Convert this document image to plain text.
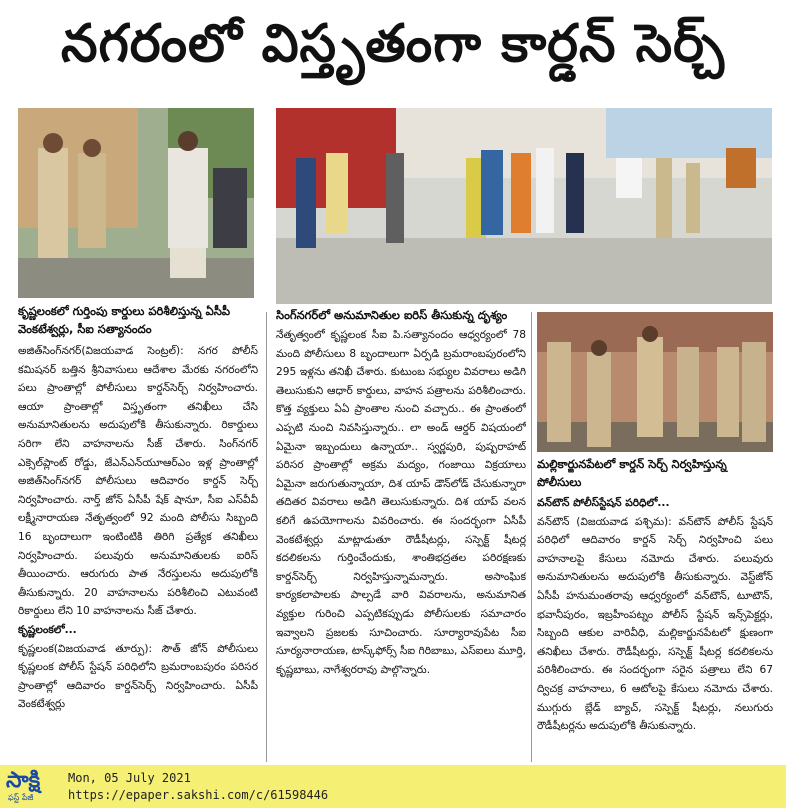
నగరంలో విస్తృతంగా కార్డన్ సెర్చ్
కృష్ణలంకలో గుర్తింపు కార్డులు పరిశీలిస్తున్న ఏసీపీ వెంకటేశ్వర్లు, సీఐ సత్యానందం
సింగ్‌నగర్‌లో అనుమానితుల ఐరిస్ తీసుకున్న దృశ్యం
మల్లికార్జునపేటలో కార్డన్ సెర్చ్ నిర్వహిస్తున్న పోలీసులు

అజిత్‌సింగ్‌నగర్(విజయవాడ సెంట్రల్): నగర పోలీస్ కమిషనర్ బత్తిన శ్రీనివాసులు ఆదేశాల మేరకు నగరంలోని పలు ప్రాంతాల్లో పోలీసులు కార్డన్‌సెర్చ్ నిర్వహించారు. ఆయా ప్రాంతాల్లో విస్తృతంగా తనిఖీలు చేసి అనుమానితులను అదుపులోకి తీసుకున్నారు. రికార్డులు సరిగా లేని వాహనాలను సీజ్ చేశారు. సింగ్‌నగర్ ఎక్సెల్‌ప్లాంట్ రోడ్డు, జేఎన్‌ఎన్‌యూఆర్‌ఎం ఇళ్ల ప్రాంతాల్లో అజిత్‌సింగ్‌నగర్ పోలీసులు ఆదివారం కార్డన్ సెర్చ్ నిర్వహించారు. నార్త్ జోన్ ఏసీపీ షేక్ షానూ, సీఐ ఎస్‌వీవీ లక్ష్మీనారాయణ నేతృత్వంలో 92 మంది పోలీసు సిబ్బంది 16 బృందాలుగా ఇంటింటికి తిరిగి ప్రత్యేక తనిఖీలు నిర్వహించారు. పలువురు అనుమానితులకు ఐరిస్ తీయించారు. ఆరుగురు పాత నేరస్తులను అదుపులోకి తీసుకున్నారు. 20 వాహనాలను పరిశీలించి ఎటువంటి రికార్డులు లేని 10 వాహనాలను సీజ్ చేశారు.

కృష్ణలంకలో...

కృష్ణలంక(విజయవాడ తూర్పు): సౌత్ జోన్ పోలీసులు కృష్ణలంక పోలీస్ స్టేషన్ పరిధిలోని బ్రమరాంబపురం పరిసర ప్రాంతాల్లో ఆదివారం కార్డన్‌సెర్చ్ నిర్వహించారు. ఏసీపీ వెంకటేశ్వర్లు

నేతృత్వంలో కృష్ణలంక సీఐ పి.సత్యానందం ఆధ్వర్యంలో 78 మంది పోలీసులు 8 బృందాలుగా ఏర్పడి బ్రమరాంబపురంలోని 295 ఇళ్లను తనిఖీ చేశారు. కుటుంబ సభ్యుల వివరాలు అడిగి తెలుసుకుని ఆధార్ కార్డులు, వాహన పత్రాలను పరిశీలించారు. కొత్త వ్యక్తులు ఏఏ ప్రాంతాల నుంచి వచ్చారు.. ఈ ప్రాంతంలో ఎప్పటి నుంచి నివసిస్తున్నారు.. లా అండ్ ఆర్డర్ విషయంలో ఏమైనా ఇబ్బందులు ఉన్నాయా.. స్వర్ణపురి, పుష్పరాహట్ పరిసర ప్రాంతాల్లో అక్రమ మద్యం, గంజాయి విక్రయాలు ఏమైనా జరుగుతున్నాయా, దిశ యాప్ డౌన్‌లోడ్ చేసుకున్నారా తదితర వివరాలు అడిగి తెలుసుకున్నారు. దిశ యాప్ వలన కలిగే ఉపయోగాలను వివరించారు. ఈ సందర్భంగా ఏసీపీ వెంకటేశ్వర్లు మాట్లాడుతూ రౌడీషీటర్లు, సస్పెక్ట్ షీటర్ల కదలికలను గుర్తించేందుకు, శాంతిభద్రతల పరిరక్షణకు కార్డన్‌సెర్చ్ నిర్వహిస్తున్నామన్నారు. అసాంఘిక కార్యకలాపాలకు పాల్పడే వారి వివరాలను, అనుమానిత వ్యక్తుల గురించి ఎప్పటికప్పుడు పోలీసులకు సమాచారం ఇవ్వాలని ప్రజలకు సూచించారు. సూర్యారావుపేట సీఐ సూర్యనారాయణ, టాస్క్‌ఫోర్స్ సీఐ గిరిబాబు, ఎస్‌ఐలు మూర్తి, కృష్ణబాబు, నాగేశ్వరరావు పాల్గొన్నారు.

వన్‌టౌన్ పోలీస్‌స్టేషన్ పరిధిలో...

వన్‌టౌన్ (విజయవాడ పశ్చిమ): వన్‌టౌన్ పోలీస్ స్టేషన్ పరిధిలో ఆదివారం కార్డన్ సెర్చ్ నిర్వహించి పలు వాహనాలపై కేసులు నమోదు చేశారు. పలువురు అనుమానితులను అదుపులోకి తీసుకున్నారు. వెస్ట్‌జోన్ ఏసీపీ హనుమంతరావు ఆధ్వర్యంలో వన్‌టౌన్, టూటౌన్, భవానీపురం, ఇబ్రహీంపట్నం పోలీస్ స్టేషన్ ఇన్స్‌పెక్టర్లు, సిబ్బంది ఆకుల వారివీధి, మల్లికార్జునపేటలో క్షుణంగా తనిఖీలు చేశారు. రౌడీషీటర్లు, సస్పెక్ట్ షీటర్ల కదలికలను పరిశీలించారు. ఈ సందర్భంగా సరైన పత్రాలు లేని 67 ద్విచక్ర వాహనాలు, 6 ఆటోలపై కేసులు నమోదు చేశారు. ముగ్గురు బ్లేడ్ బ్యాచ్, సస్పెక్ట్ షీటర్లు, నలుగురు రౌడీషీటర్లను అదుపులోకి తీసుకున్నారు.

సాక్షి
ఫస్ట్ పేజీ
Mon, 05 July 2021
https://epaper.sakshi.com/c/61598446
